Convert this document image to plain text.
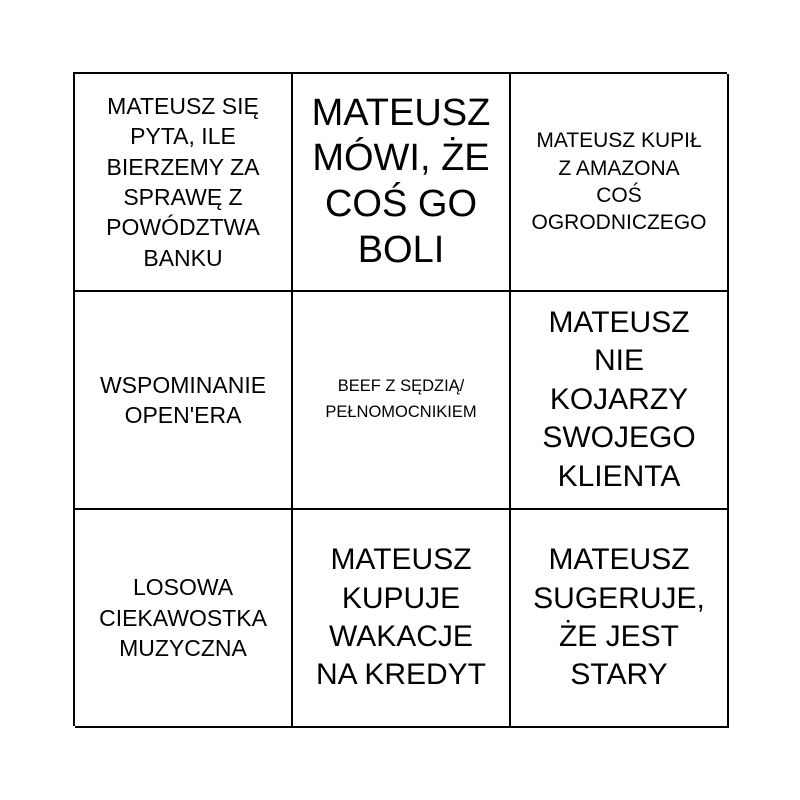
MATEUSZ SIĘ
PYTA, ILE
BIERZEMY ZA
SPRAWĘ Z
POWÓDZTWA
BANKU
MATEUSZ
MÓWI, ŻE
COŚ GO
BOLI
MATEUSZ KUPIŁ
Z AMAZONA
COŚ
OGRODNICZEGO
WSPOMINANIE
OPEN'ERA
BEEF Z SĘDZIĄ/
PEŁNOMOCNIKIEM
MATEUSZ
NIE
KOJARZY
SWOJEGO
KLIENTA
LOSOWA
CIEKAWOSTKA
MUZYCZNA
MATEUSZ
KUPUJE
WAKACJE
NA KREDYT
MATEUSZ
SUGERUJE,
ŻE JEST
STARY
